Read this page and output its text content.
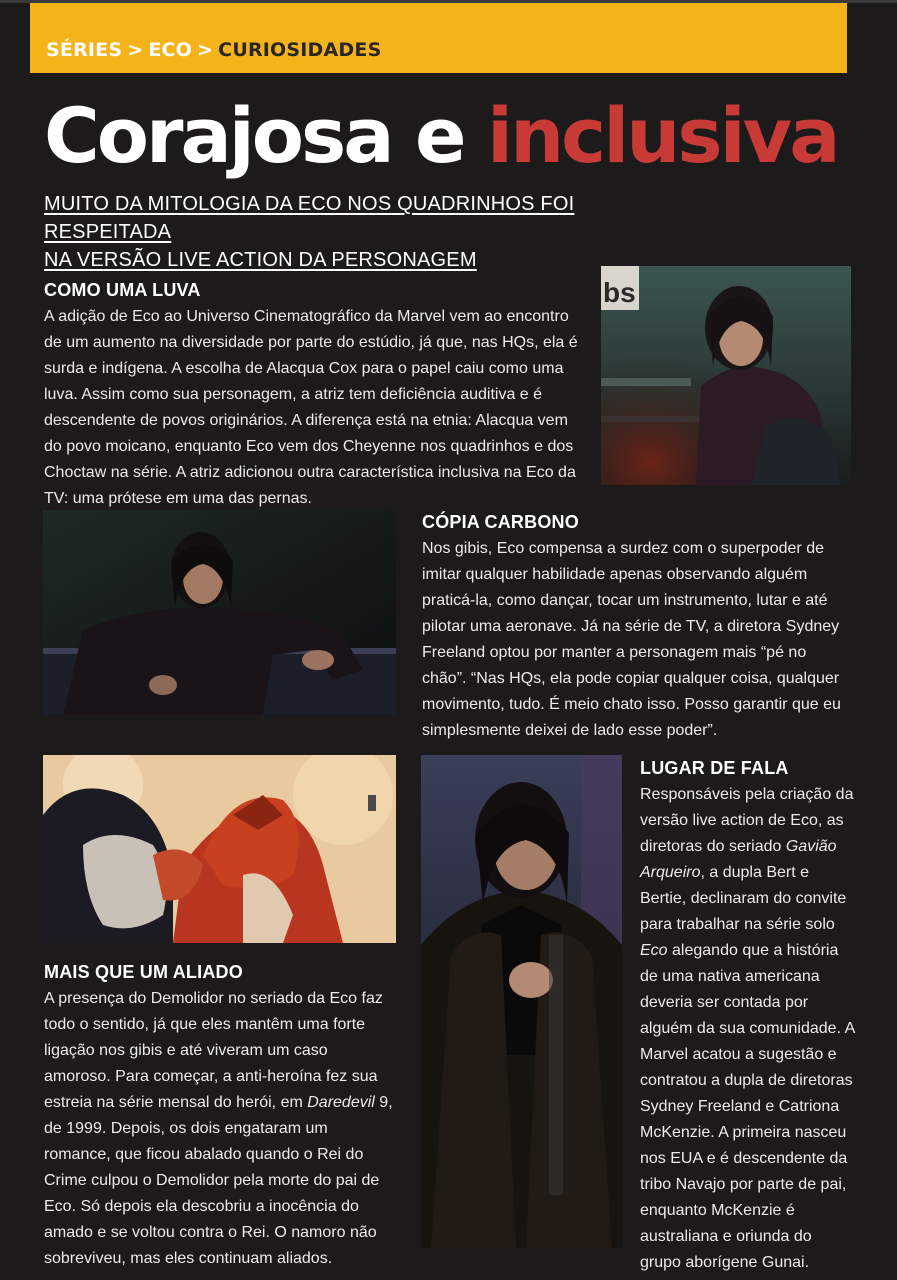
SÉRIES > ECO > CURIOSIDADES
Corajosa e inclusiva
MUITO DA MITOLOGIA DA ECO NOS QUADRINHOS FOI RESPEITADA
NA VERSÃO LIVE ACTION DA PERSONAGEM
COMO UMA LUVA

A adição de Eco ao Universo Cinematográfico da Marvel vem ao encontro de um aumento na diversidade por parte do estúdio, já que, nas HQs, ela é surda e indígena. A escolha de Alacqua Cox para o papel caiu como uma luva. Assim como sua personagem, a atriz tem deficiência auditiva e é descendente de povos originários. A diferença está na etnia: Alacqua vem do povo moicano, enquanto Eco vem dos Cheyenne nos quadrinhos e dos Choctaw na série. A atriz adicionou outra característica inclusiva na Eco da TV: uma prótese em uma das pernas.

bs
CÓPIA CARBONO

Nos gibis, Eco compensa a surdez com o superpoder de imitar qualquer habilidade apenas observando alguém praticá-la, como dançar, tocar um instrumento, lutar e até pilotar uma aeronave. Já na série de TV, a diretora Sydney Freeland optou por manter a personagem mais “pé no chão”. “Nas HQs, ela pode copiar qualquer coisa, qualquer movimento, tudo. É meio chato isso. Posso garantir que eu simplesmente deixei de lado esse poder”.

MAIS QUE UM ALIADO

A presença do Demolidor no seriado da Eco faz todo o sentido, já que eles mantêm uma forte ligação nos gibis e até viveram um caso amoroso. Para começar, a anti-heroína fez sua estreia na série mensal do herói, em Daredevil 9, de 1999. Depois, os dois engataram um romance, que ficou abalado quando o Rei do Crime culpou o Demolidor pela morte do pai de Eco. Só depois ela descobriu a inocência do amado e se voltou contra o Rei. O namoro não sobreviveu, mas eles continuam aliados.

LUGAR DE FALA

Responsáveis pela criação da versão live action de Eco, as diretoras do seriado Gavião Arqueiro, a dupla Bert e Bertie, declinaram do convite para trabalhar na série solo Eco alegando que a história de uma nativa americana deveria ser contada por alguém da sua comunidade. A Marvel acatou a sugestão e contratou a dupla de diretoras Sydney Freeland e Catriona McKenzie. A primeira nasceu nos EUA e é descendente da tribo Navajo por parte de pai, enquanto McKenzie é australiana e oriunda do grupo aborígene Gunai.
